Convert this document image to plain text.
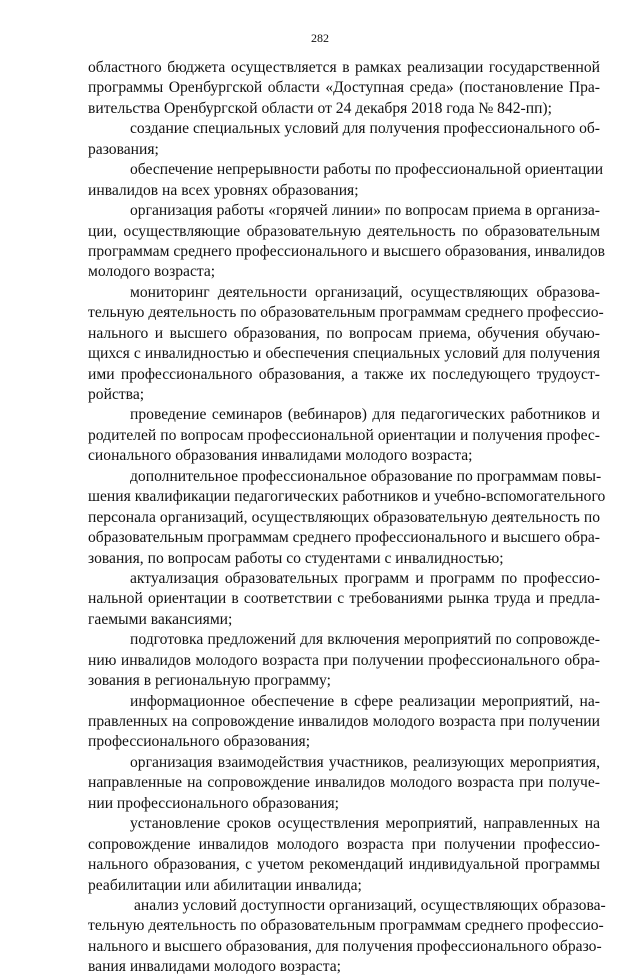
282
областного бюджета осуществляется в рамках реализации государственной
программы Оренбургской области «Доступная среда» (постановление Пра-
вительства Оренбургской области от 24 декабря 2018 года № 842-пп);
создание специальных условий для получения профессионального об-
разования;
обеспечение непрерывности работы по профессиональной ориентации
инвалидов на всех уровнях образования;
организация работы «горячей линии» по вопросам приема в организа-
ции, осуществляющие образовательную деятельность по образовательным
программам среднего профессионального и высшего образования, инвалидов
молодого возраста;
мониторинг деятельности организаций, осуществляющих образова-
тельную деятельность по образовательным программам среднего профессио-
нального и высшего образования, по вопросам приема, обучения обучаю-
щихся с инвалидностью и обеспечения специальных условий для получения
ими профессионального образования, а также их последующего трудоуст-
ройства;
проведение семинаров (вебинаров) для педагогических работников и
родителей по вопросам профессиональной ориентации и получения профес-
сионального образования инвалидами молодого возраста;
дополнительное профессиональное образование по программам повы-
шения квалификации педагогических работников и учебно-вспомогательного
персонала организаций, осуществляющих образовательную деятельность по
образовательным программам среднего профессионального и высшего обра-
зования, по вопросам работы со студентами с инвалидностью;
актуализация образовательных программ и программ по профессио-
нальной ориентации в соответствии с требованиями рынка труда и предла-
гаемыми вакансиями;
подготовка предложений для включения мероприятий по сопровожде-
нию инвалидов молодого возраста при получении профессионального обра-
зования в региональную программу;
информационное обеспечение в сфере реализации мероприятий, на-
правленных на сопровождение инвалидов молодого возраста при получении
профессионального образования;
организация взаимодействия участников, реализующих мероприятия,
направленные на сопровождение инвалидов молодого возраста при получе-
нии профессионального образования;
установление сроков осуществления мероприятий, направленных на
сопровождение инвалидов молодого возраста при получении профессио-
нального образования, с учетом рекомендаций индивидуальной программы
реабилитации или абилитации инвалида;
анализ условий доступности организаций, осуществляющих образова-
тельную деятельность по образовательным программам среднего профессио-
нального и высшего образования, для получения профессионального образо-
вания инвалидами молодого возраста;
